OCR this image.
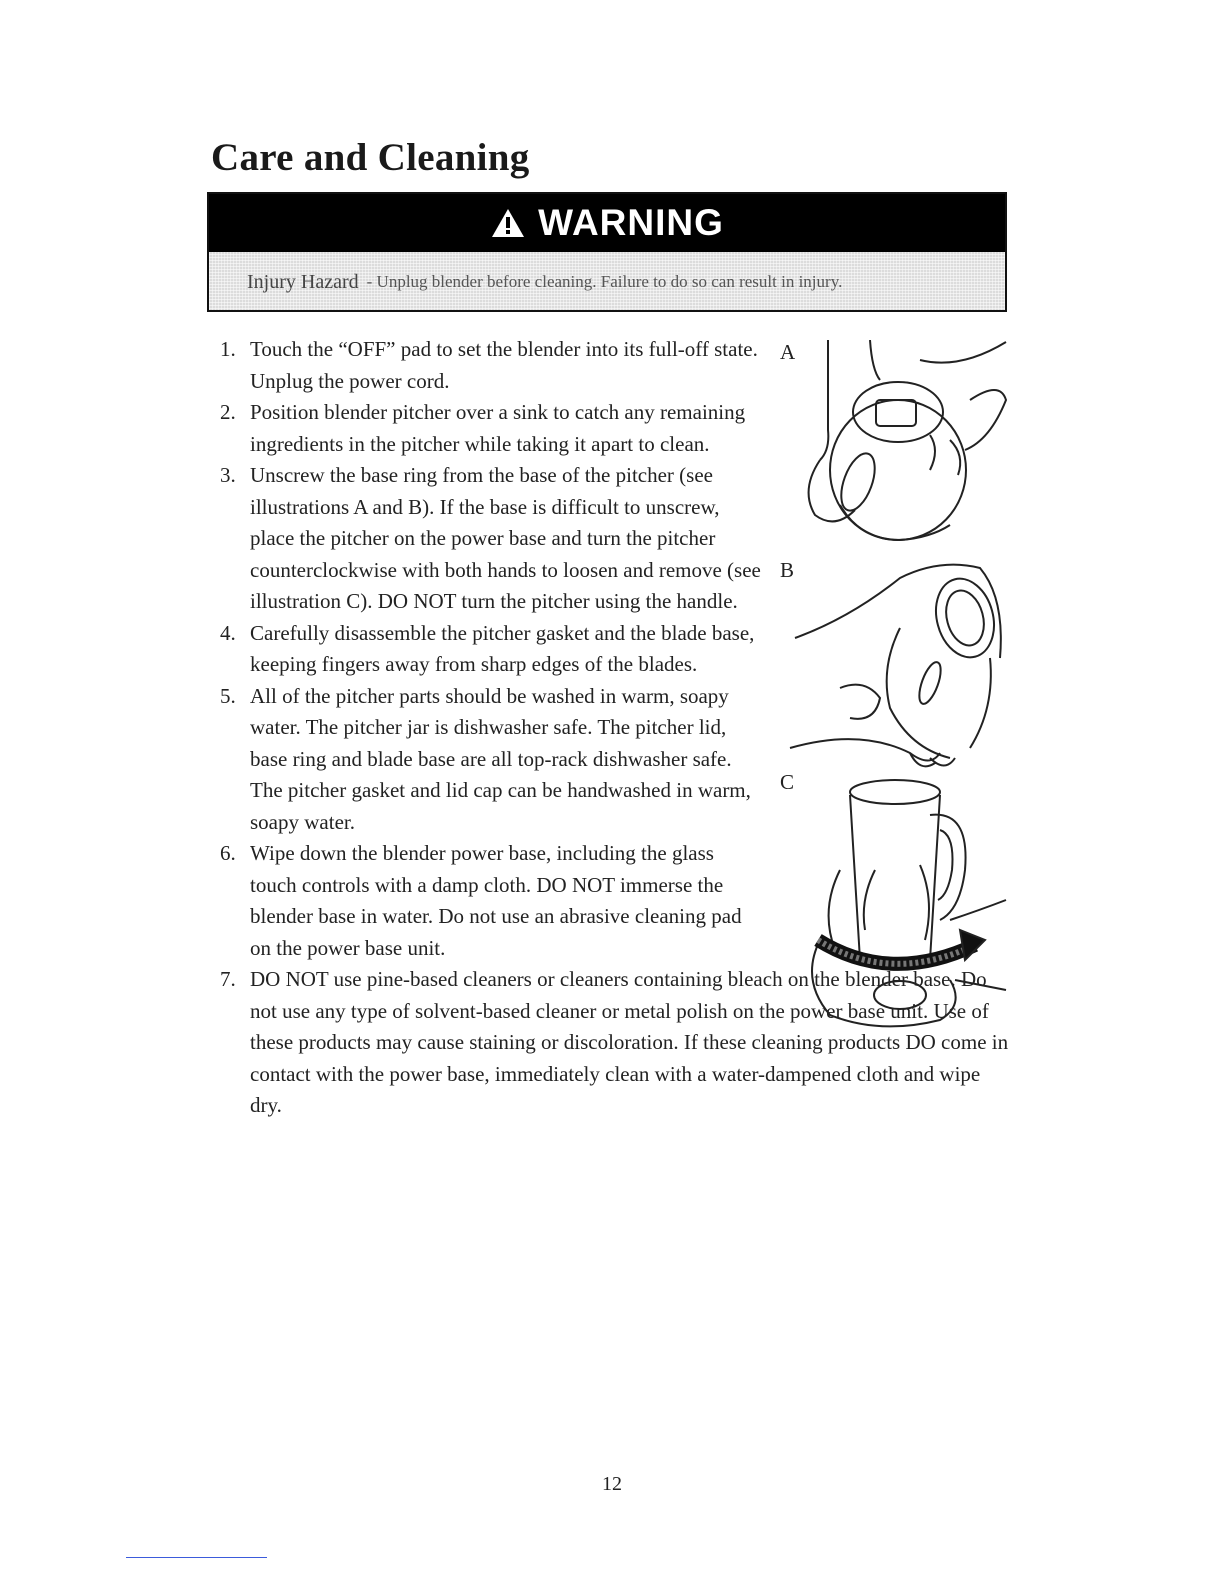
Care and Cleaning
WARNING
Injury Hazard - Unplug blender before cleaning. Failure to do so can result in injury.
1. Touch the “OFF” pad to set the blender into its full-off state. Unplug the power cord.
2. Position blender pitcher over a sink to catch any remaining ingredients in the pitcher while taking it apart to clean.
3. Unscrew the base ring from the base of the pitcher (see illustrations A and B). If the base is difficult to unscrew, place the pitcher on the power base and turn the pitcher counterclockwise with both hands to loosen and remove (see illustration C). DO NOT turn the pitcher using the handle.
4. Carefully disassemble the pitcher gasket and the blade base, keeping fingers away from sharp edges of the blades.
5. All of the pitcher parts should be washed in warm, soapy water. The pitcher jar is dishwasher safe. The pitcher lid, base ring and blade base are all top-rack dishwasher safe. The pitcher gasket and lid cap can be handwashed in warm, soapy water.
6. Wipe down the blender power base, including the glass touch controls with a damp cloth. DO NOT immerse the blender base in water. Do not use an abrasive cleaning pad on the power base unit.
7. DO NOT use pine-based cleaners or cleaners containing bleach on the blender base. Do not use any type of solvent-based cleaner or metal polish on the power base unit. Use of these products may cause staining or discoloration. If these cleaning products DO come in contact with the power base, immediately clean with a water-dampened cloth and wipe dry.
A
B
C
12
